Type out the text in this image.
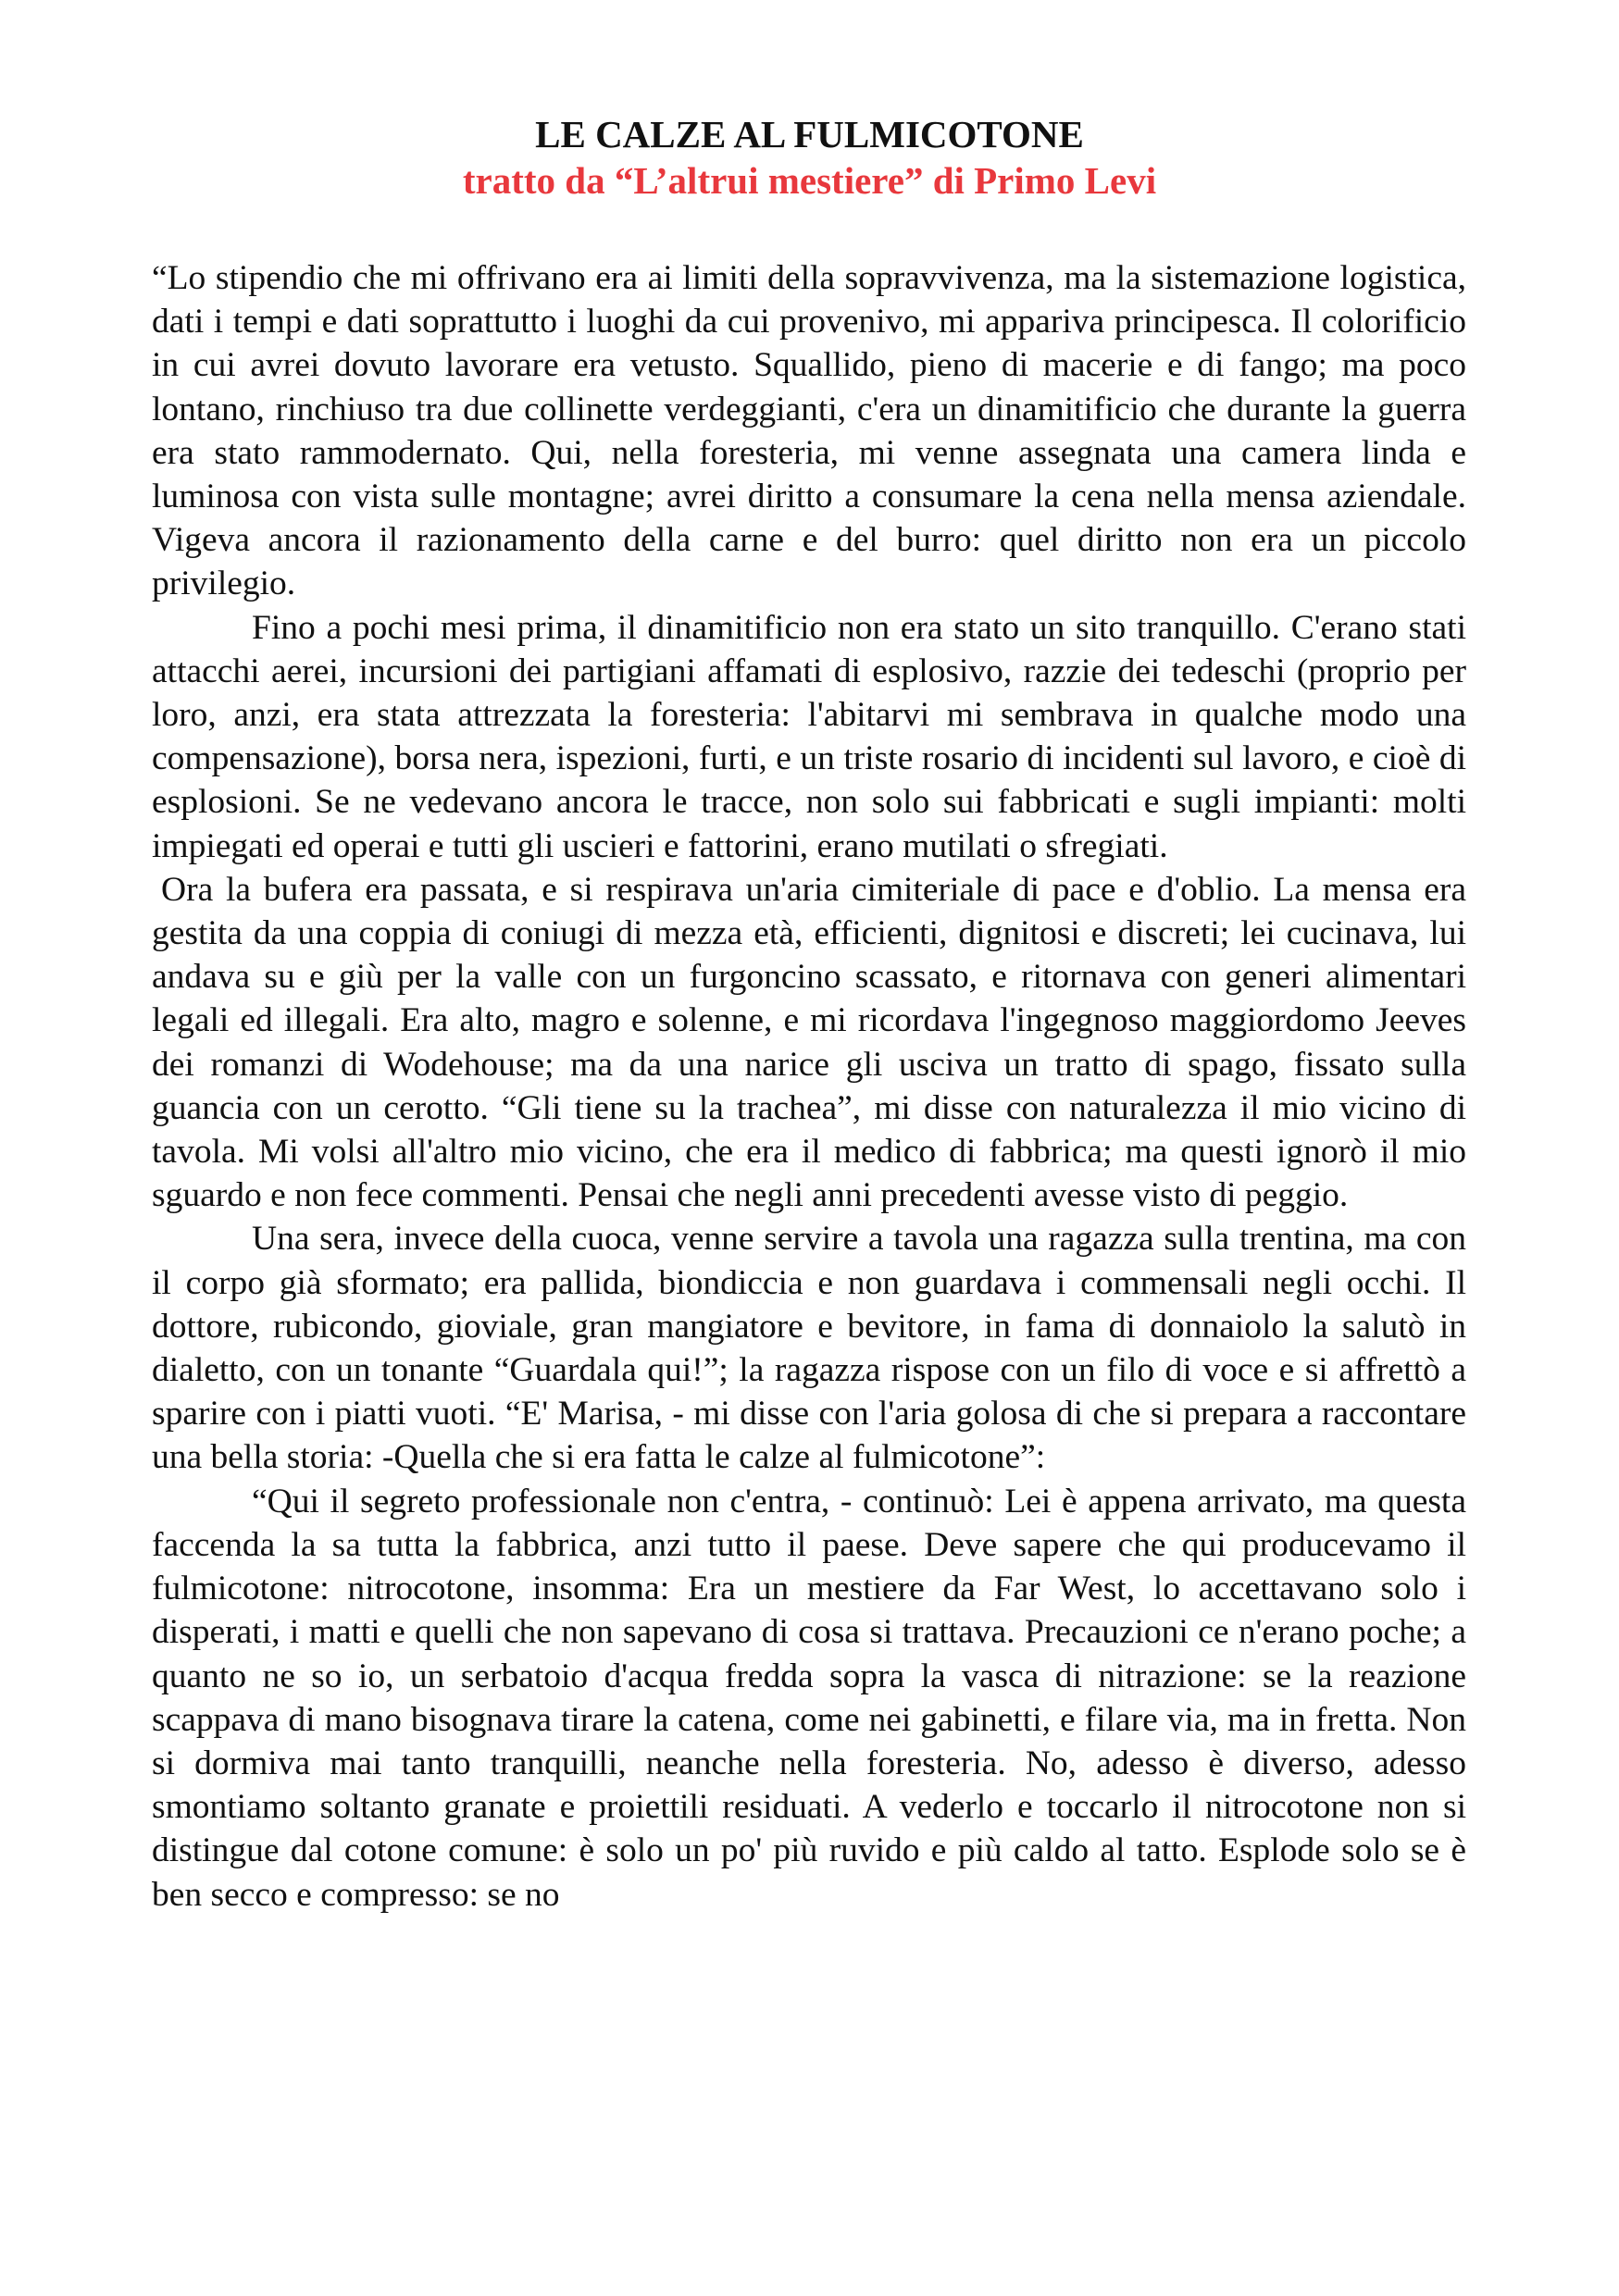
LE CALZE AL FULMICOTONE

tratto da “L’altrui mestiere” di Primo Levi

“Lo stipendio che mi offrivano era ai limiti della sopravvivenza, ma la sistemazione logistica, dati i tempi e dati soprattutto i luoghi da cui provenivo, mi appariva principesca. Il colorificio in cui avrei dovuto lavorare era vetusto. Squallido, pieno di macerie e di fango; ma poco lontano, rinchiuso tra due collinette verdeggianti, c'era un dinamitificio che durante la guerra era stato rammodernato. Qui, nella foresteria, mi venne assegnata una camera linda e luminosa con vista sulle montagne; avrei diritto a consumare la cena nella mensa aziendale. Vigeva ancora il razionamento della carne e del burro: quel diritto non era un piccolo privilegio.

Fino a pochi mesi prima, il dinamitificio non era stato un sito tranquillo. C'erano stati attacchi aerei, incursioni dei partigiani affamati di esplosivo, razzie dei tedeschi (proprio per loro, anzi, era stata attrezzata la foresteria: l'abitarvi mi sembrava in qualche modo una compensazione), borsa nera, ispezioni, furti, e un triste rosario di incidenti sul lavoro, e cioè di esplosioni. Se ne vedevano ancora le tracce, non solo sui fabbricati e sugli impianti: molti impiegati ed operai e tutti gli uscieri e fattorini, erano mutilati o sfregiati.

Ora la bufera era passata, e si respirava un'aria cimiteriale di pace e d'oblio. La mensa era gestita da una coppia di coniugi di mezza età, efficienti, dignitosi e discreti; lei cucinava, lui andava su e giù per la valle con un furgoncino scassato, e ritornava con generi alimentari legali ed illegali. Era alto, magro e solenne, e mi ricordava l'ingegnoso maggiordomo Jeeves dei romanzi di Wodehouse; ma da una narice gli usciva un tratto di spago, fissato sulla guancia con un cerotto. “Gli tiene su la trachea”, mi disse con naturalezza il mio vicino di tavola. Mi volsi all'altro mio vicino, che era il medico di fabbrica; ma questi ignorò il mio sguardo e non fece commenti. Pensai che negli anni precedenti avesse visto di peggio.

Una sera, invece della cuoca, venne servire a tavola una ragazza sulla trentina, ma con il corpo già sformato; era pallida, biondiccia e non guardava i commensali negli occhi. Il dottore, rubicondo, gioviale, gran mangiatore e bevitore, in fama di donnaiolo la salutò in dialetto, con un tonante “Guardala qui!”; la ragazza rispose con un filo di voce e si affrettò a sparire con i piatti vuoti. “E' Marisa, - mi disse con l'aria golosa di che si prepara a raccontare una bella storia: -Quella che si era fatta le calze al fulmicotone”:

“Qui il segreto professionale non c'entra, - continuò: Lei è appena arrivato, ma questa faccenda la sa tutta la fabbrica, anzi tutto il paese. Deve sapere che qui producevamo il fulmicotone: nitrocotone, insomma: Era un mestiere da Far West, lo accettavano solo i disperati, i matti e quelli che non sapevano di cosa si trattava. Precauzioni ce n'erano poche; a quanto ne so io, un serbatoio d'acqua fredda sopra la vasca di nitrazione: se la reazione scappava di mano bisognava tirare la catena, come nei gabinetti, e filare via, ma in fretta. Non si dormiva mai tanto tranquilli, neanche nella foresteria. No, adesso è diverso, adesso smontiamo soltanto granate e proiettili residuati. A vederlo e toccarlo il nitrocotone non si distingue dal cotone comune: è solo un po' più ruvido e più caldo al tatto. Esplode solo se è ben secco e compresso: se no
